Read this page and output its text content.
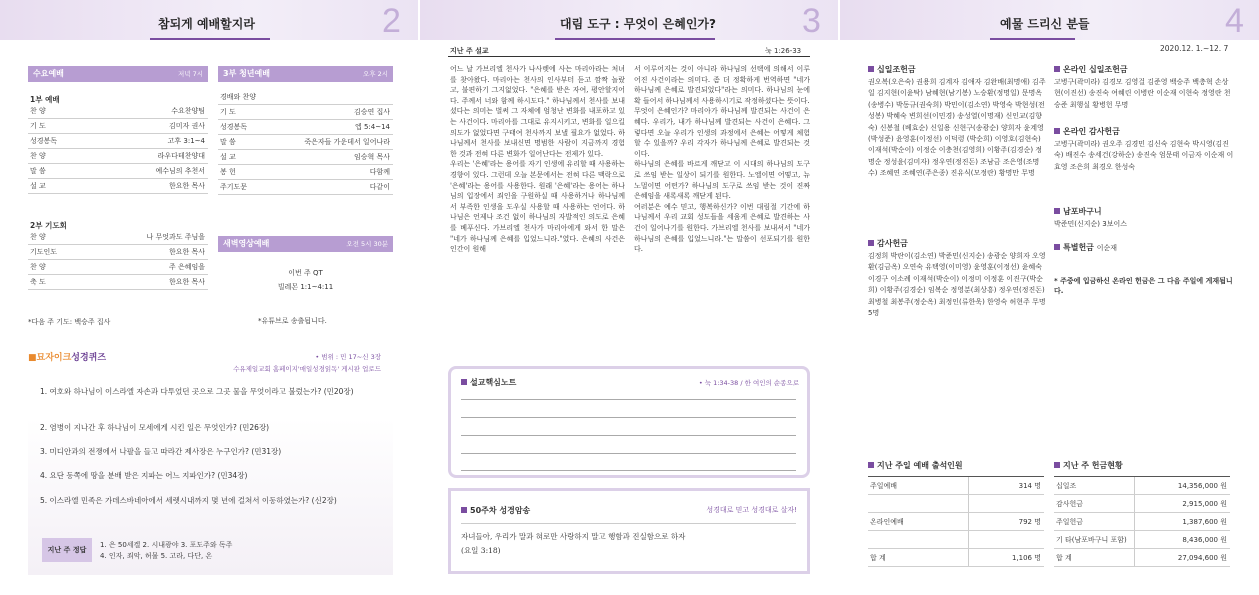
참되게 예배할지라	2	대림 도구 : 무엇이 은혜인가?	3	예물 드리신 분들	4
수요예배	저녁 7시
1부 예배
찬 양	수요찬양팀
기 도	김미자 권사
성경봉독	고후 3:1~4
찬 양	라우다테찬양대
말 씀	예수님의 추천서
설 교	한요한 목사
2부 기도회
찬 양	나 무엇과도 주님을
기도인도	한요한 목사
찬 양	주 은혜임을
축 도	한요한 목사
*다음 주 기도: 백승주 집사
3부 청년예배	오후 2시
경배와 찬양
기 도	김승연 집사
성경봉독	엡 5:4~14
말 씀	죽은자들 가운데서 일어나라
설 교	임승혁 목사
봉 헌	다함께
주기도문	다같이
새벽영상예배	오전 5시 30분
이번 주 QT
빌레몬 1:1~4:11
*유튜브로 송출됩니다.
■묘자이크성경퀴즈	• 범위 : 민 17~신 3장
수유제일교회 홈페이지'매일성경읽독' 게시판 업로드
1. 여호와 하나님이 이스라엘 자손과 다투었던 곳으로 그곳 물을 무엇이라고 불렀는가? (민20장)
2. 염병이 지나간 후 하나님이 모세에게 시킨 일은 무엇인가? (민26장)
3. 미디안과의 전쟁에서 나팔을 들고 따라간 제사장은 누구인가? (민31장)
4. 요단 동쪽에 땅을 분배 받은 지파는 어느 지파인가? (민34장)
5. 이스라엘 민족은 가데스바네아에서 세렛시내까지 몇 년에 걸쳐서 이동하였는가? (신2장)
지난 주 정답
1. 은 50세겔 2. 시내광야 3. 포도주와 독주
4. 인자, 죄악, 허물 5. 고라, 다단, 온
지난 주 설교	눅 1:26-33
어느 날 가브리엘 천사가 나사렛에 사는 마리아라는 처녀를 찾아왔다. 마리아는 천사의 인사부터 듣고 깜짝 놀랐고, 불편하기 그지없었다. "은혜를 받은 자여, 평안할지어다. 주께서 너와 함께 하시도다." 하나님께서 천사를 보내셨다는 의미는 벌써 그 자체에 엄청난 변화를 내포하고 있는 사건이다. 마리아를 그대로 유지시키고, 변화를 일으킬 의도가 없었다면 구태여 천사까지 보낼 필요가 없었다. 하나님께서 천사를 보내신면 명범한 사람이 지금까지 경험한 것과 전혀 다른 변화가 일어난다는 전제가 있다.
우리는 '은혜'라는 용어를 자기 인생에 유리할 때 사용하는 경향이 있다. 그런데 오늘 본문에서는 전혀 다른 맥락으로 '은혜'라는 용어를 사용한다. 원래 '은혜'라는 용어는 하나님의 입장에서 죄인을 구원하실 때 사용하거나 하나님께서 부족한 인생을 도우실 사용할 때 사용하는 언어다. 하나님은 언제나 조건 없이 하나님의 자발적인 의도로 은혜를 베푸신다. 가브리엘 천사가 마리아에게 와서 한 말은 "네가 하나님께 은혜를 입었느니라."였다. 은혜의 사건은 인간이 원해
서 이루어지는 것이 아니라 하나님의 선택에 의해서 이루어진 사건이라는 의미다. 좀 더 정확하게 번역하면 "네가 하나님께 은혜로 발견되었다"라는 의미다. 하나님의 눈에 확 들어서 하나님께서 사용하시기로 작정하셨다는 뜻이다.
무엇이 은혜인가? 마리아가 하나님께 발견되는 사건이 은혜다. 우리가, 내가 하나님께 발견되는 사건이 은혜다. 그렇다면 오늘 우리가 인생의 과정에서 은혜는 어떻게 체험할 수 있을까? 우리 각자가 하나님께 은혜로 발견되는 것이다.
하나님의 은혜를 바르게 깨닫고 이 시대의 하나님의 도구로 쓰임 받는 일상이 되기를 원한다. 노엘이면 어떻고, 뉴노멀이면 어떤가? 하나님의 도구로 쓰임 받는 것이 진짜 은혜임을 새록새록 깨닫게 된다.
여러분은 예수 믿고, 행복하신가? 이번 대림절 기간에 하나님께서 우리 교회 성도들을 세움게 은혜로 발견하는 사건이 일어나기를 원한다. 가브리엘 천사를 보내셔서 "네가 하나님의 은혜를 입었느니라."는 말씀이 선포되기를 원한다.
설교핵심노트	• 눅 1:34-38 / 한 여인의 순종으로
50주차 성경암송	성경대로 믿고 성경대로 살자!
자녀들아, 우리가 말과 혀로만 사랑하지 말고 행함과 진실함으로 하자
(요일 3:18)
2020.12. 1.~12. 7
십일조헌금
권오복(오은숙) 권용희 김계자 김애자 김완배(최명애) 김주일 김지현(이윤탁) 남혜현(남기봉) 노승환(정명일) 문명옥(송병수) 박동규(권숙희) 박민이(김소연) 박영숙 박현성(전성봉) 박혜숙 변희선(이민경) 송성열(이명재) 신인교(김향숙) 신봉철 (베효순) 신일용 신현구(송광순) 양희자 윤계영(박성준) 윤영훈(이정선) 이덕령 (박순희) 이영호(김현숙) 이재석(박순이) 이정순 이충천(김영희) 이황주(김경순) 정명순 정성윤(김미자) 정우연(정진돈) 조남금 조은영(조명수) 조혜연 조혜연(주은종) 진유식(모정란) 황명만 무명
감사헌금
김정희 박란이(김소연) 박준민(신지순) 송광순 양희자 오영환(김금옥) 오연숙 유택영(이미영) 윤영훈(이정선) 윤혜숙 이경구 이소례 이재석(박순이) 이정미 이정훈 이진구(박순희) 이황주(김경순) 임복순 정영분(최상흥) 정우연(정진돈) 최병철 최봉주(정순옥) 최정인(류한욱) 한영숙 허현주 무명5명
온라인 십일조헌금
고병구(곽미라) 김경모 김영걸 김준영 백승주 백층혁 손상현(이진선) 송진숙 여혜린 이병란 이순재 이현숙 정영란 천승준 최행실 황병헌 무명
온라인 감사헌금
고병구(곽미라) 권오주 김경민 김신숙 김현숙 박시영(김진숙) 배진수 송세건(강하순) 송진숙 엄문태 이금자 이순재 이효영 조은희 최경오 한성숙
남포바구니
박준민(신지순) 3보이스
특별헌금 이순재
* 주중에 입금하신 온라인 헌금은 그 다음 주일에 게재됩니다.
지난 주일 예배 출석인원
주일예배	314 명
온라인예배	792 명
합 계	1,106 명
지난 주 헌금현황
십일조	14,356,000 원
감사헌금	2,915,000 원
주일헌금	1,387,600 원
기 타(남포바구니 포함)	8,436,000 원
합 계	27,094,600 원
